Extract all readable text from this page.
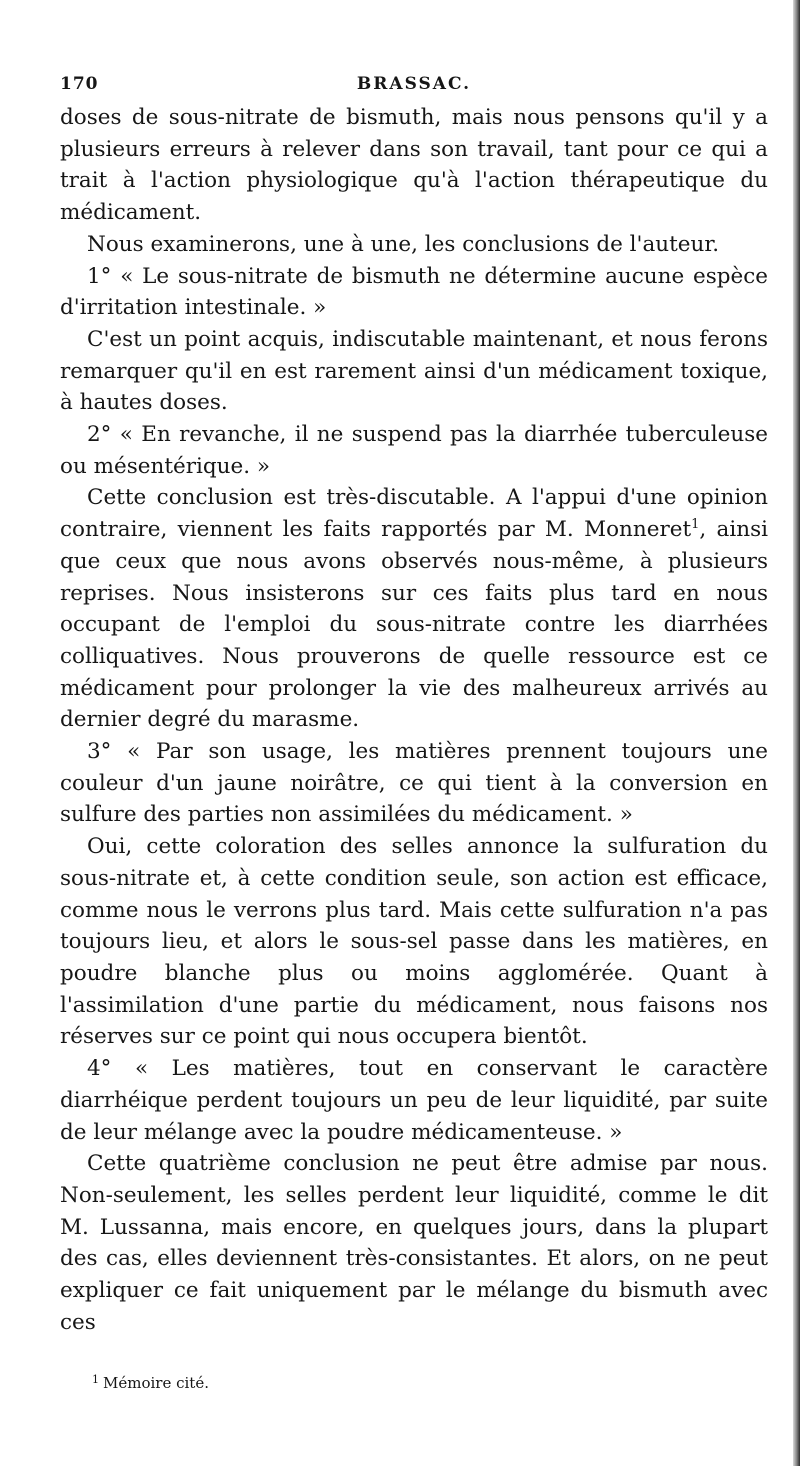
170	BRASSAC.

doses de sous-nitrate de bismuth, mais nous pensons qu'il y a plusieurs erreurs à relever dans son travail, tant pour ce qui a trait à l'action physiologique qu'à l'action thérapeutique du médicament.

Nous examinerons, une à une, les conclusions de l'auteur.

1° « Le sous-nitrate de bismuth ne détermine aucune espèce d'irritation intestinale. »

C'est un point acquis, indiscutable maintenant, et nous ferons remarquer qu'il en est rarement ainsi d'un médicament toxique, à hautes doses.

2° « En revanche, il ne suspend pas la diarrhée tuberculeuse ou mésentérique. »

Cette conclusion est très-discutable. A l'appui d'une opinion contraire, viennent les faits rapportés par M. Monneret$^1$, ainsi que ceux que nous avons observés nous-même, à plusieurs reprises. Nous insisterons sur ces faits plus tard en nous occupant de l'emploi du sous-nitrate contre les diarrhées colliquatives. Nous prouverons de quelle ressource est ce médicament pour prolonger la vie des malheureux arrivés au dernier degré du marasme.

3° « Par son usage, les matières prennent toujours une couleur d'un jaune noirâtre, ce qui tient à la conversion en sulfure des parties non assimilées du médicament. »

Oui, cette coloration des selles annonce la sulfuration du sous-nitrate et, à cette condition seule, son action est efficace, comme nous le verrons plus tard. Mais cette sulfuration n'a pas toujours lieu, et alors le sous-sel passe dans les matières, en poudre blanche plus ou moins agglomérée. Quant à l'assimilation d'une partie du médicament, nous faisons nos réserves sur ce point qui nous occupera bientôt.

4° « Les matières, tout en conservant le caractère diarrhéique perdent toujours un peu de leur liquidité, par suite de leur mélange avec la poudre médicamenteuse. »

Cette quatrième conclusion ne peut être admise par nous. Non-seulement, les selles perdent leur liquidité, comme le dit M. Lussanna, mais encore, en quelques jours, dans la plupart des cas, elles deviennent très-consistantes. Et alors, on ne peut expliquer ce fait uniquement par le mélange du bismuth avec ces

$^1$ Mémoire cité.
